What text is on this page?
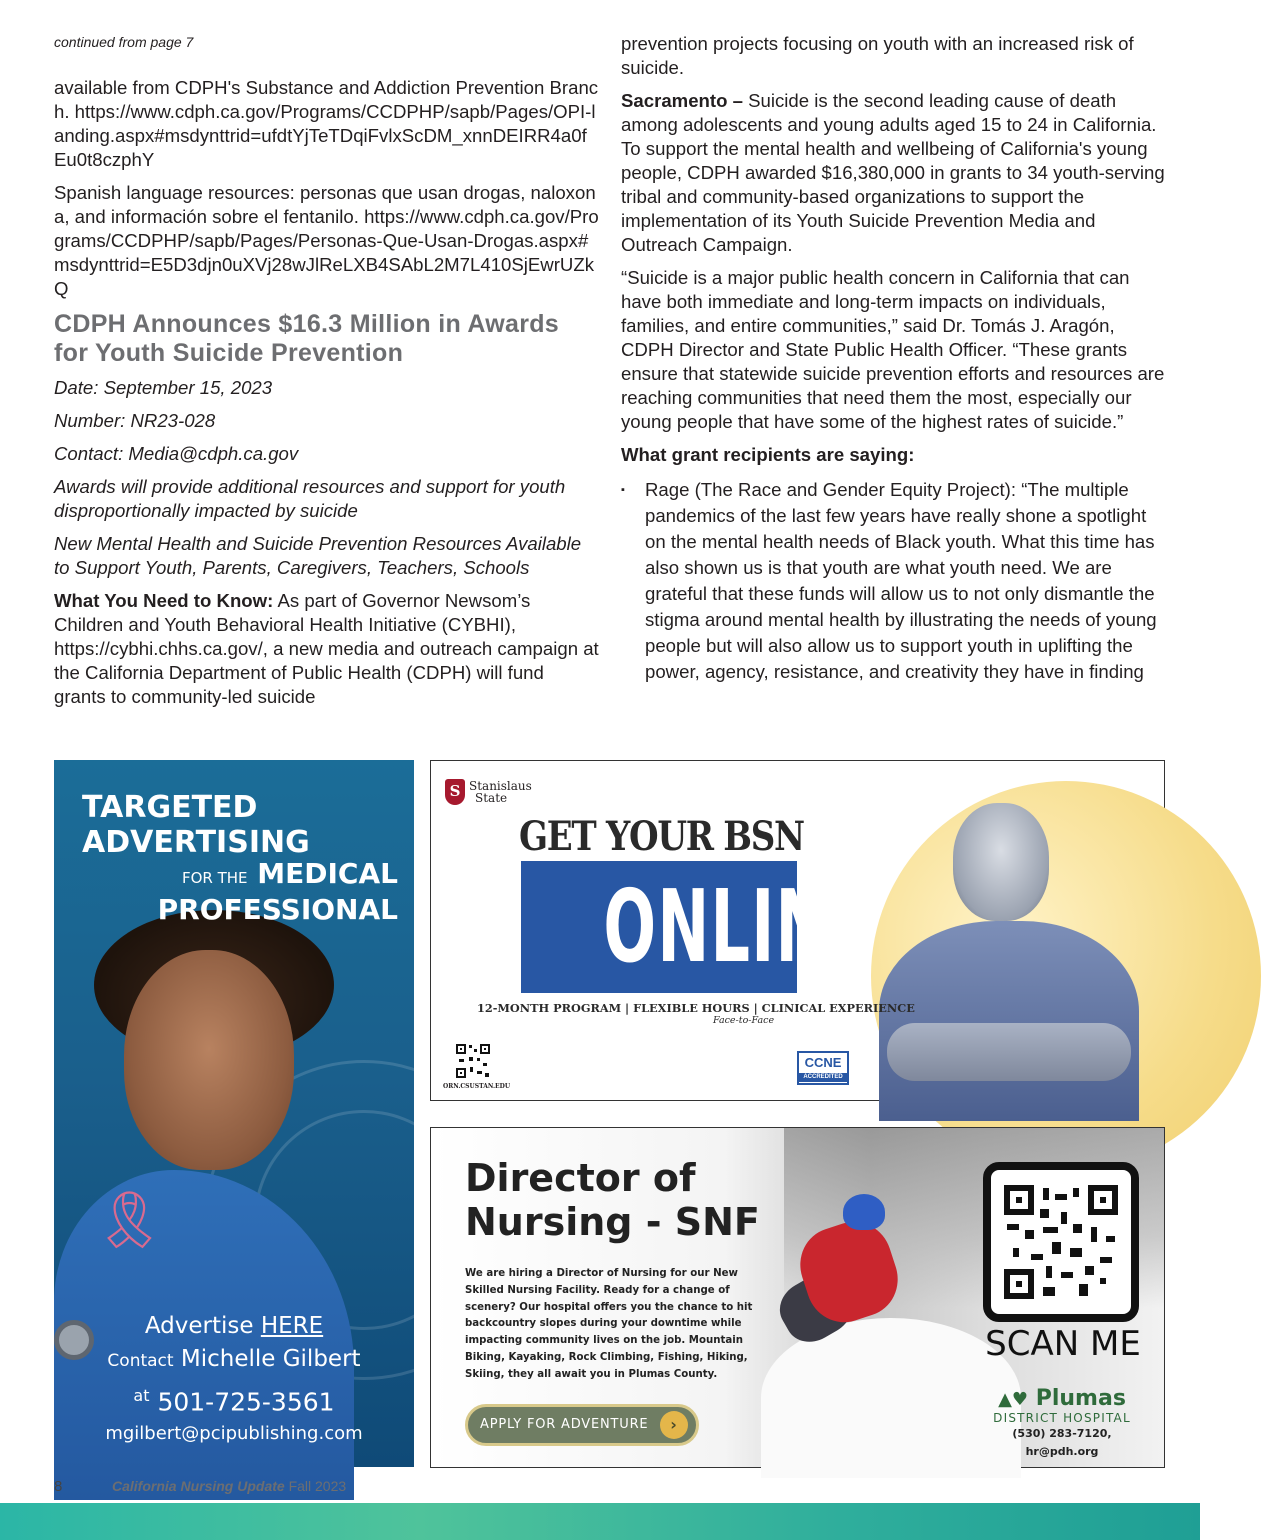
continued from page 7

available from CDPH's Substance and Addiction Prevention Branch. https://www.cdph.ca.gov/Programs/CCDPHP/sapb/Pages/OPI-landing.aspx#msdynttrid=ufdtYjTeTDqiFvlxScDM_xnnDEIRR4a0fEu0t8czphY

Spanish language resources: personas que usan drogas, naloxona, and información sobre el fentanilo. https://www.cdph.ca.gov/Programs/CCDPHP/sapb/Pages/Personas-Que-Usan-Drogas.aspx#msdynttrid=E5D3djn0uXVj28wJlReLXB4SAbL2M7L410SjEwrUZkQ

CDPH Announces $16.3 Million in Awards for Youth Suicide Prevention

Date: September 15, 2023

Number: NR23-028

Contact: Media@cdph.ca.gov

Awards will provide additional resources and support for youth disproportionally impacted by suicide

New Mental Health and Suicide Prevention Resources Available to Support Youth, Parents, Caregivers, Teachers, Schools

What You Need to Know: As part of Governor Newsom’s Children and Youth Behavioral Health Initiative (CYBHI), https://cybhi.chhs.ca.gov/, a new media and outreach campaign at the California Department of Public Health (CDPH) will fund grants to community-led suicide

prevention projects focusing on youth with an increased risk of suicide.

Sacramento – Suicide is the second leading cause of death among adolescents and young adults aged 15 to 24 in California. To support the mental health and wellbeing of California's young people, CDPH awarded $16,380,000 in grants to 34 youth-serving tribal and community-based organizations to support the implementation of its Youth Suicide Prevention Media and Outreach Campaign.

“Suicide is a major public health concern in California that can have both immediate and long-term impacts on individuals, families, and entire communities,” said Dr. Tomás J. Aragón, CDPH Director and State Public Health Officer. “These grants ensure that statewide suicide prevention efforts and resources are reaching communities that need them the most, especially our young people that have some of the highest rates of suicide.”

What grant recipients are saying:

▪ Rage (The Race and Gender Equity Project): “The multiple pandemics of the last few years have really shone a spotlight on the mental health needs of Black youth. What this time has also shown us is that youth are what youth need. We are grateful that these funds will allow us to not only dismantle the stigma around mental health by illustrating the needs of young people but will also allow us to support youth in uplifting the power, agency, resistance, and creativity they have in finding
🎗
TARGETED
ADVERTISING
FOR THE MEDICAL
PROFESSIONAL
Advertise HERE
Contact Michelle Gilbert
$^{at}$ 501-725-3561
mgilbert@pcipublishing.com
S Stanislaus
State
GET YOUR BSN
ONLINE
12-MONTH PROGRAM | FLEXIBLE HOURS | CLINICAL EXPERIENCE
Face-to-Face
ORN.CSUSTAN.EDU
CCNE
ACCREDITED
Director of
Nursing - SNF
We are hiring a Director of Nursing for our New Skilled Nursing Facility. Ready for a change of scenery? Our hospital offers you the chance to hit backcountry slopes during your downtime while impacting community lives on the job. Mountain Biking, Kayaking, Rock Climbing, Fishing, Hiking, Skiing, they all await you in Plumas County.
APPLY FOR ADVENTURE	›
SCAN ME
▲♥ Plumas
DISTRICT HOSPITAL
(530) 283-7120, hr@pdh.org
8	California Nursing Update Fall 2023
